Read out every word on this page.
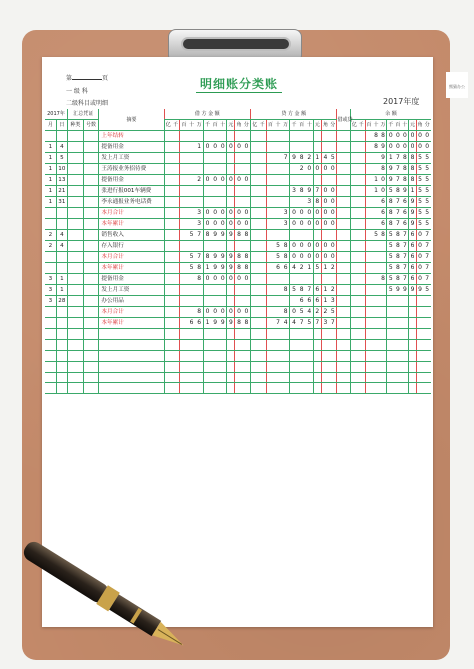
熊猫办公
第	页
一 级 科
二级科目或明细
明细账分类账
2017年度
2017年		汇总凭证		摘要	借 方 金 额											贷 方 金 额											借或贷	余 额										
月	日	种类	号数		亿	千	百	十	万	千	百	十	元	角	分	亿	千	百	十	万	千	百	十	元	角	分		亿	千	百	十	万	千	百	十	元	角	分
				上年结转																											8	8	0	0	0	0	0	0
1	4			提备用金					1	0	0	0	0	0	0																8	9	0	0	0	0	0	0
1	5			发上月工资																7	9	8	2	1	4	5						9	1	7	8	8	5	5
1	10			王涛报业务招待费																		2	0	0	0	0						8	9	7	8	8	5	5
1	13			提备用金					2	0	0	0	0	0	0																1	0	9	7	8	8	5	5
1	21			张进行报001车辆费																	3	8	9	7	0	0					1	0	5	8	9	1	5	5
1	31			李永通报业务电话费																			3	8	0	0						6	8	7	6	9	5	5
				本月合计					3	0	0	0	0	0	0					3	0	0	0	0	0	0						6	8	7	6	9	5	5
				本年累计					3	0	0	0	0	0	0					3	0	0	0	0	0	0						6	8	7	6	9	5	5
2	4			销售收入				5	7	8	9	9	9	8	8																5	8	5	8	7	6	0	7
2	4			存入银行															5	8	0	0	0	0	0	0							5	8	7	6	0	7
				本月合计				5	7	8	9	9	9	8	8				5	8	0	0	0	0	0	0							5	8	7	6	0	7
				本年累计				5	8	1	9	9	9	8	8				6	6	4	2	1	5	1	2							5	8	7	6	0	7
3	1			提备用金					8	0	0	0	0	0	0																	8	5	8	7	6	0	7
3	1			发上月工资																8	5	8	7	6	1	2							5	9	9	9	9	5
3	28			办公用品																		6	6	6	1	3												
				本月合计					8	0	0	0	0	0	0					8	0	5	4	2	2	5												
				本年累计				6	6	1	9	9	9	8	8				7	4	4	7	5	7	3	7												
